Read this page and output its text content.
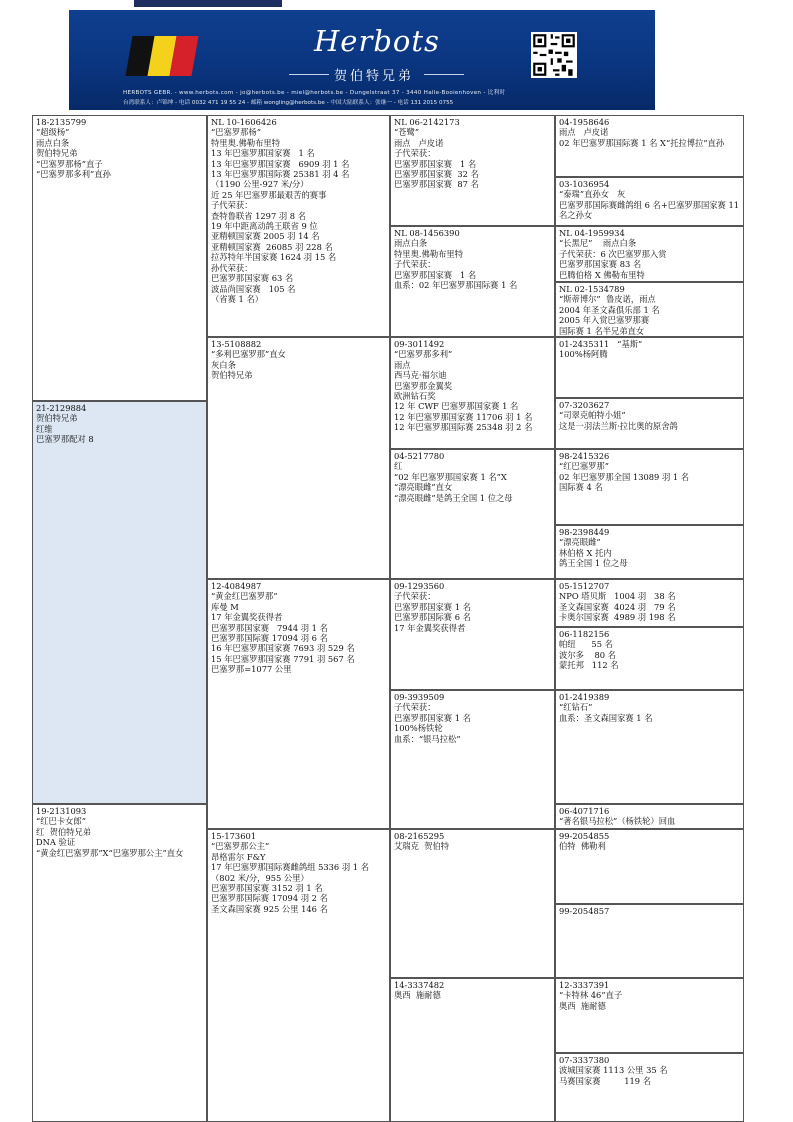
Herbots
贺伯特兄弟
HERBOTS GEBR. - www.herbots.com - jo@herbots.be - miel@herbots.be - Dungelstraat 37 - 3440 Halle-Booienhoven - 比利时
台湾联系人：卢锦坤 - 电话 0032 471 19 55 24 - 邮箱 wongling@herbots.be - 中国大陆联系人：张继一 - 电话 131 2015 0755
18-2135799
“超级杨”
雨点白条
贺伯特兄弟
“巴塞罗那杨”直子
“巴塞罗那多利”直孙
21-2129884
贺伯特兄弟
红维
巴塞罗那配对 8
19-2131093
“红巴卡女郎”
红  贺伯特兄弟
DNA 验证
“黄金红巴塞罗那”X“巴塞罗那公主”直女
NL 10-1606426
“巴塞罗那杨”
特里奥.佛勒布里特
13 年巴塞罗那国家赛   1 名
13 年巴塞罗那国家赛   6909 羽 1 名
13 年巴塞罗那国际赛 25381 羽 4 名
（1190 公里-927 米/分）
近 25 年巴塞罗那最艰苦的赛事
子代荣获：
查特鲁联省 1297 羽 8 名
19 年中距离动鸽王联省 9 位
亚精顿国家赛 2005 羽 14 名
亚精顿国家赛  26085 羽 228 名
拉苏特年半国家赛 1624 羽 15 名
孙代荣获：
巴塞罗那国家赛 63 名
波品尚国家赛   105 名
（省赛 1 名）
13-5108882
“多利巴塞罗那”直女
灰白条
贺伯特兄弟
12-4084987
“黄金红巴塞罗那”
库曼 M
17 年金翼奖获得者
巴塞罗那国家赛   7944 羽 1 名
巴塞罗那国际赛 17094 羽 6 名
16 年巴塞罗那国家赛 7693 羽 529 名
15 年巴塞罗那国家赛 7791 羽 567 名
巴塞罗那=1077 公里
15-173601
“巴塞罗那公主”
昂格雷尔 F&Y
17 年巴塞罗那国际赛雌鸽组 5336 羽 1 名
（802 米/分，955 公里）
巴塞罗那国家赛 3152 羽 1 名
巴塞罗那国际赛 17094 羽 2 名
圣文森国家赛 925 公里 146 名
NL 06-2142173
“苍鹭”
雨点   卢皮诺
子代荣获：
巴塞罗那国家赛   1 名
巴塞罗那国家赛  32 名
巴塞罗那国家赛  87 名
NL 08-1456390
雨点白条
特里奥.佛勒布里特
子代荣获：
巴塞罗那国家赛   1 名
血系：02 年巴塞罗那国际赛 1 名
09-3011492
“巴塞罗那多利”
雨点
西马克·福尔迪
巴塞罗那金翼奖
欧洲钻石奖
12 年 CWF 巴塞罗那国家赛 1 名
12 年巴塞罗那国家赛 11706 羽 1 名
12 年巴塞罗那国际赛 25348 羽 2 名
04-5217780
红
“02 年巴塞罗那国家赛 1 名”X
“漂亮眼雌”直女
“漂亮眼雌”是鸽王全国 1 位之母
09-1293560
子代荣获：
巴塞罗那国家赛 1 名
巴塞罗那国际赛 6 名
17 年金翼奖获得者
09-3939509
子代荣获：
巴塞罗那国家赛 1 名
100%杨铁轮
血系：“银马拉松”
08-2165295
艾瑞克  贺伯特
14-3337482
奥西  施耐德
04-1958646
雨点   卢皮诺
02 年巴塞罗那国际赛 1 名 X“托拉博拉”直孙
03-1036954
“泰瑞”直孙女   灰
巴塞罗那国际赛雌鸽组 6 名+巴塞罗那国家赛 11 名之孙女
NL 04-1959934
“长黑尼”    雨点白条
子代荣获：6 次巴塞罗那入赏
巴塞罗那国家赛 83 名
巴腾伯格 X 佛勒布里特
NL 02-1534789
“斯蒂博尔”  鲁皮诺，雨点
2004 年圣文森俱乐部 1 名
2005 年入赏巴塞罗那赛
国际赛 1 名半兄弟直女
01-2435311   “基斯”
100%杨阿腾
07-3203627
“司翠克帕特小姐”
这是一羽法兰斯·拉比奥的原舍鸽
98-2415326
“红巴塞罗那”
02 年巴塞罗那全国 13089 羽 1 名
国际赛 4 名
98-2398449
“漂亮眼雌”
林伯格 X 托内
鸽王全国 1 位之母
05-1512707
NPO 塔贝斯   1004 羽   38 名
圣文森国家赛  4024 羽   79 名
卡奥尔国家赛  4989 羽 198 名
06-1182156
帕纽      55 名
波尔多    80 名
蒙托邦   112 名
01-2419389
“红钻石”
血系：圣文森国家赛 1 名
06-4071716
“著名银马拉松”（杨铁轮）回血
99-2054855
伯特  佛勒利
99-2054857
12-3337391
“卡特林 46”直子
奥西  施耐德
07-3337380
波城国家赛 1113 公里 35 名
马赛国家赛         119 名
